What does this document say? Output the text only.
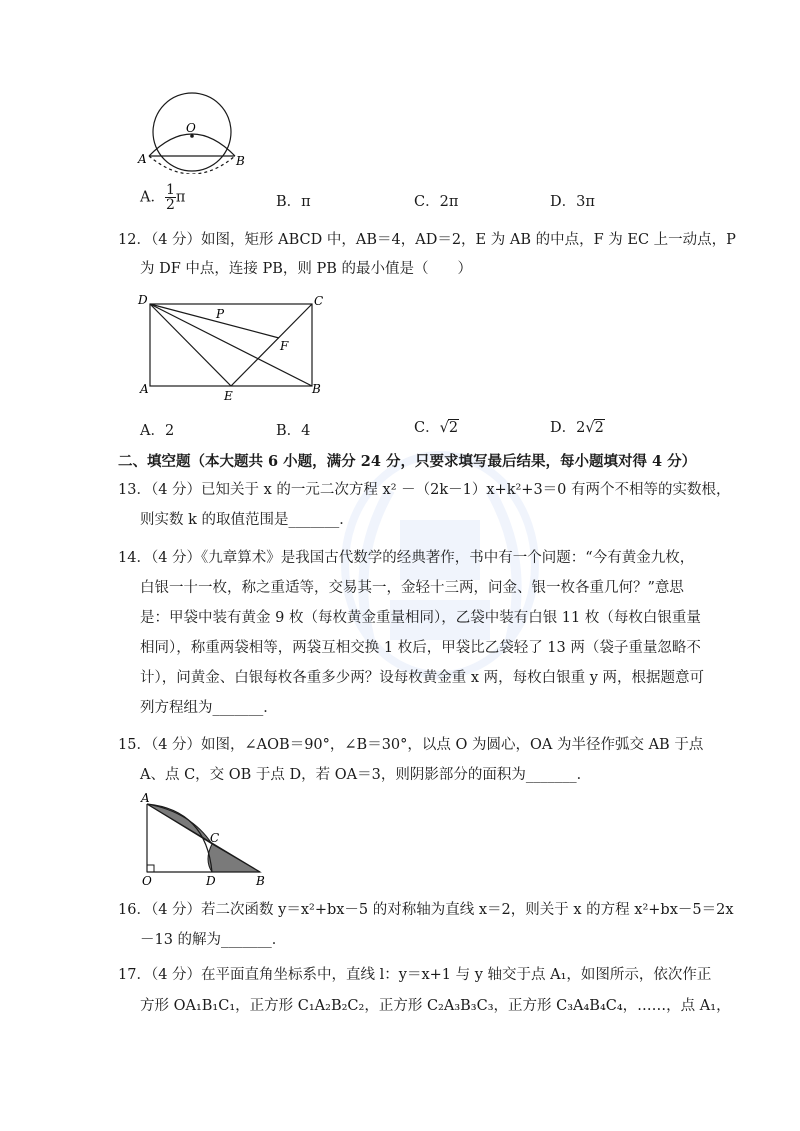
O
A	B
A． $\frac{1}{2}$ π	B．π	C．2π	D．3π
12．（4 分）如图，矩形 ABCD 中，AB＝4，AD＝2，E 为 AB 的中点，F 为 EC 上一动点，P
为 DF 中点，连接 PB，则 PB 的最小值是（　　）
D	C
P
F
A	E	B
A．2	B．4	C．√2	D．2√2
二、填空题（本大题共 6 小题，满分 24 分，只要求填写最后结果，每小题填对得 4 分）
13．（4 分）已知关于 x 的一元二次方程 x² －（2k－1）x+k²+3＝0 有两个不相等的实数根，
则实数 k 的取值范围是_______．
14．（4 分）《九章算术》是我国古代数学的经典著作，书中有一个问题：“今有黄金九枚，
白银一十一枚，称之重适等，交易其一，金轻十三两，问金、银一枚各重几何？”意思
是：甲袋中装有黄金 9 枚（每枚黄金重量相同），乙袋中装有白银 11 枚（每枚白银重量
相同），称重两袋相等，两袋互相交换 1 枚后，甲袋比乙袋轻了 13 两（袋子重量忽略不
计），问黄金、白银每枚各重多少两？设每枚黄金重 x 两，每枚白银重 y 两，根据题意可
列方程组为_______．
15．（4 分）如图，∠AOB＝90°，∠B＝30°，以点 O 为圆心，OA 为半径作弧交 AB 于点
A、点 C，交 OB 于点 D，若 OA＝3，则阴影部分的面积为_______．
A
C
O	D	B
16．（4 分）若二次函数 y＝x²+bx－5 的对称轴为直线 x＝2，则关于 x 的方程 x²+bx－5＝2x
－13 的解为_______．
17．（4 分）在平面直角坐标系中，直线 l：y＝x+1 与 y 轴交于点 A₁，如图所示，依次作正
方形 OA₁B₁C₁，正方形 C₁A₂B₂C₂，正方形 C₂A₃B₃C₃，正方形 C₃A₄B₄C₄，……，点 A₁，
